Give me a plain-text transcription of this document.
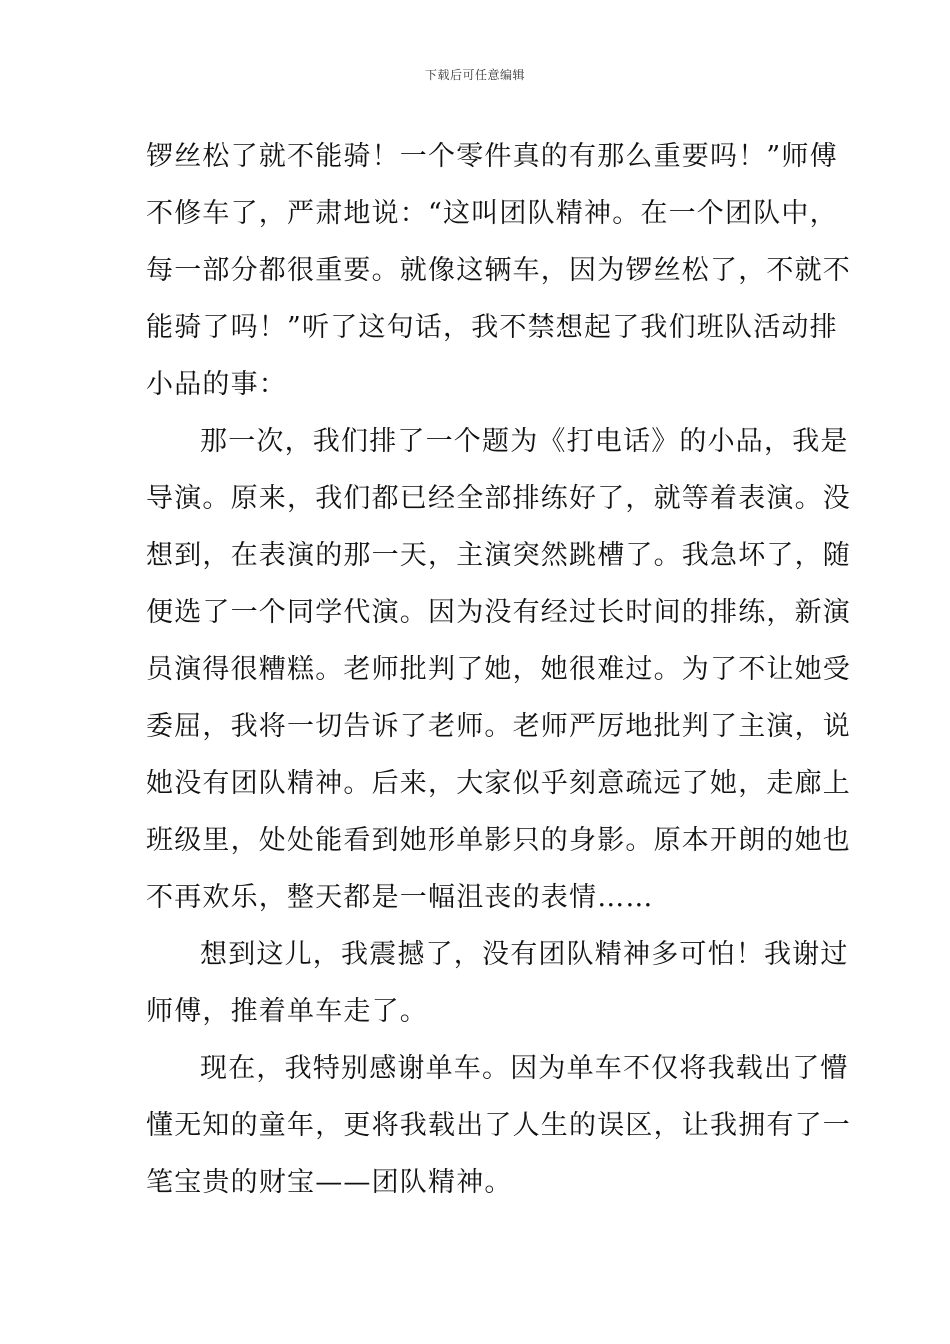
下载后可任意编辑
锣丝松了就不能骑！一个零件真的有那么重要吗！”师傅
不修车了，严肃地说：“这叫团队精神。在一个团队中，
每一部分都很重要。就像这辆车，因为锣丝松了，不就不
能骑了吗！”听了这句话，我不禁想起了我们班队活动排
小品的事：
那一次，我们排了一个题为《打电话》的小品，我是
导演。原来，我们都已经全部排练好了，就等着表演。没
想到，在表演的那一天，主演突然跳槽了。我急坏了，随
便选了一个同学代演。因为没有经过长时间的排练，新演
员演得很糟糕。老师批判了她，她很难过。为了不让她受
委屈，我将一切告诉了老师。老师严厉地批判了主演，说
她没有团队精神。后来，大家似乎刻意疏远了她，走廊上
班级里，处处能看到她形单影只的身影。原本开朗的她也
不再欢乐，整天都是一幅沮丧的表情……
想到这儿，我震撼了，没有团队精神多可怕！我谢过
师傅，推着单车走了。
现在，我特别感谢单车。因为单车不仅将我载出了懵
懂无知的童年，更将我载出了人生的误区，让我拥有了一
笔宝贵的财宝——团队精神。
